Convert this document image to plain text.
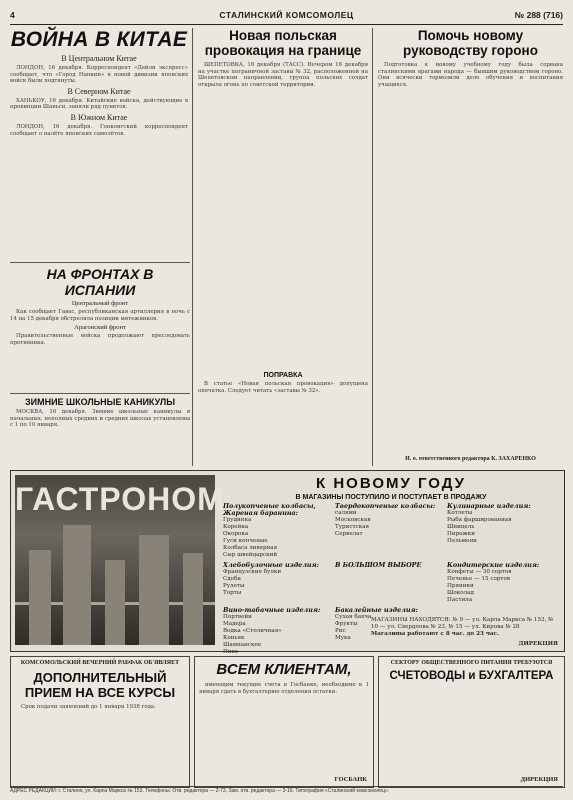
4	СТАЛИНСКИЙ КОМСОМОЛЕЦ	№ 288 (716)
ВОЙНА В КИТАЕ
В Центральном Китае

ЛОНДОН, 16 декабря. Корреспондент «Дейли экспресс» сообщает, что «Город Нанкин» в новой дивизии японских войск были подтянуты.

В Северном Китае

ХАНЬКОУ, 16 декабря. Китайские войска, действующие в провинции Шаньси, заняли ряд пунктов.

В Южном Китае

ЛОНДОН, 16 декабря. Гонконгский корреспондент сообщает о налёте японских самолётов.

Новая польская провокация на границе

ШЕПЕТОВКА, 16 декабря (ТАСС). Вечером 16 декабря на участке пограничной заставы № 32, расположенной на Шепетовском направлении, группа польских солдат открыла огонь по советской территории.

Помочь новому руководству гороно

Подготовка к новому учебному году была сорвана сталинскими врагами народа — бывшим руководством гороно. Они всячески тормозили дело обучения и воспитания учащихся.

И. о. ответственного редактора К. ЗАХАРЕНКО
НА ФРОНТАХ В ИСПАНИИ
Центральный фронт

Как сообщает Гавас, республиканская артиллерия в ночь с 14 на 15 декабря обстреляла позиции мятежников.

Арагонский фронт

Правительственные войска продолжают преследовать противника.

ЗИМНИЕ ШКОЛЬНЫЕ КАНИКУЛЫ

МОСКВА, 16 декабря. Зимние школьные каникулы в начальных, неполных средних и средних школах установлены с 1 по 10 января.

ПОПРАВКА

В статье «Новая польская провокация» допущена опечатка. Следует читать «заставы № 32».

ГАСТРОНОМ	К НОВОМУ ГОДУ
В МАГАЗИНЫ ПОСТУПИЛО И ПОСТУПАЕТ В ПРОДАЖУ
Полукопченые колбасы, Жареная баранина:
Грудинка
Корейка
Окорока
Гуси копченые
Колбаса ливерная
Сыр швейцарский
Твердокопченые колбасы:
салями
Московская
Туристская
Сервелат
Кулинарные изделия:
Котлеты
Рыба фаршированная
Шницель
Пирожки
Пельмени
Хлебобулочные изделия:
Французские булки
Сдоба
Рулеты
Торты
В БОЛЬШОМ ВЫБОРЕ	Кондитерские изделия:
Конфеты — 30 сортов
Печенье — 15 сортов
Пряники
Шоколад
Пастила
Вино-табачные изделия:
Портвейн
Мадера
Водка «Столичная»
Коньяк
Шампанское
Пиво
Бакалейные изделия:
Сухая бахча
Фрукты
Рис
Мука
МАГАЗИНЫ НАХОДЯТСЯ: № 9 — ул. Карла Маркса № 153, № 10 — ул. Свердлова № 23, № 15 — ул. Кирова № 28
Магазины работают с 8 час. до 23 час.
ДИРЕКЦИЯ
КОМСОМОЛЬСКИЙ ВЕЧЕРНИЙ РАБФАК ОБ'ЯВЛЯЕТ
ДОПОЛНИТЕЛЬНЫЙ ПРИЕМ НА ВСЕ КУРСЫ

Срок подачи заявлений до 1 января 1938 года.

ВСЕМ КЛИЕНТАМ,

имеющим текущие счета в Госбанке, необходимо к 1 января сдать в бухгалтерию отделения остатки.

ГОСБАНК
СЕКТОРУ ОБЩЕСТВЕННОГО ПИТАНИЯ ТРЕБУЮТСЯ
СЧЕТОВОДЫ и БУХГАЛТЕРА
ДИРЕКЦИЯ
АДРЕС РЕДАКЦИИ: г. Сталино, ул. Карла Маркса № 153. Телефоны: Отв. редактора — 2-73, Зам. отв. редактора — 3-16. Типография «Сталинский комсомолец».
